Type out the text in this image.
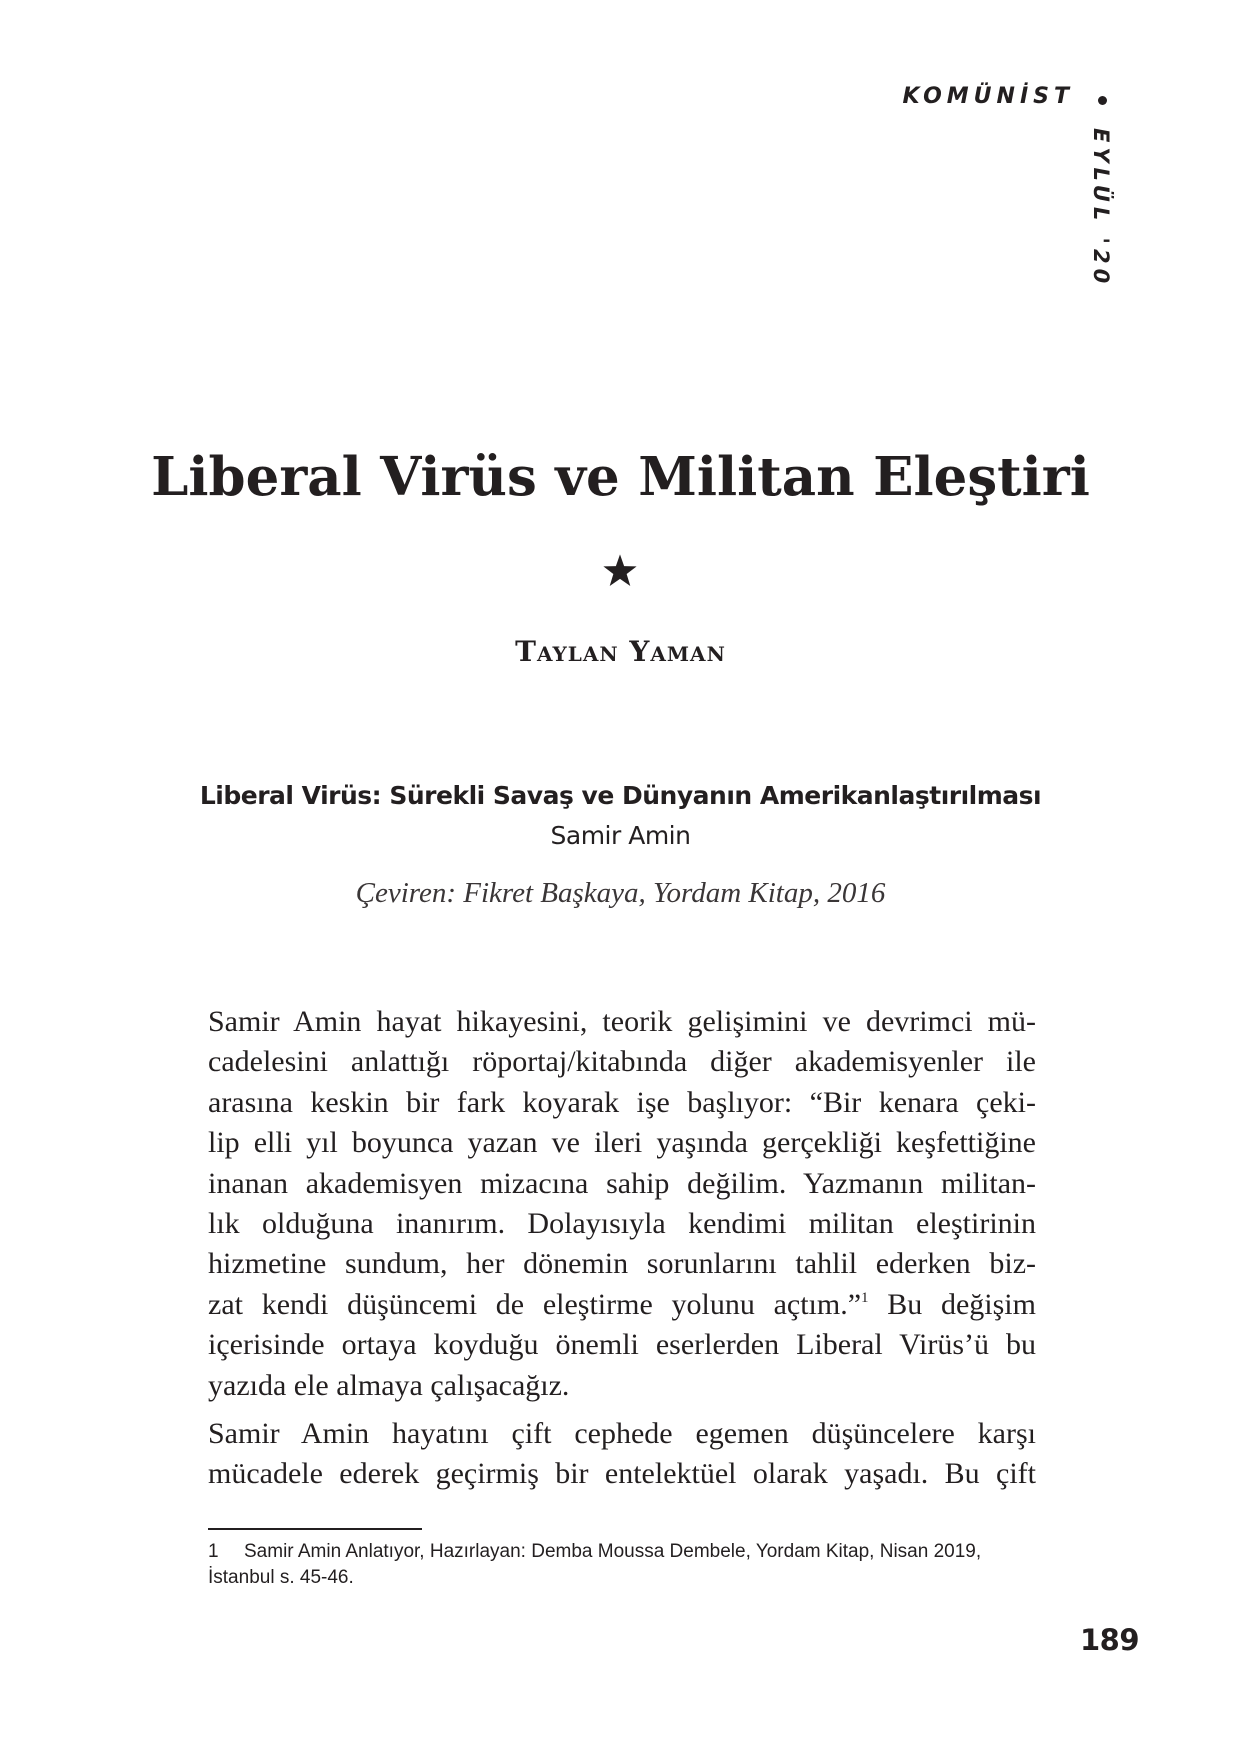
KOMÜNİST
EYLÜL '20
Liberal Virüs ve Militan Eleştiri
Taylan Yaman
Liberal Virüs: Sürekli Savaş ve Dünyanın Amerikanlaştırılması
Samir Amin
Çeviren: Fikret Başkaya, Yordam Kitap, 2016

Samir Amin hayat hikayesini, teorik gelişimini ve devrimci mü-

cadelesini anlattığı röportaj/kitabında diğer akademisyenler ile

arasına keskin bir fark koyarak işe başlıyor: “Bir kenara çeki-

lip elli yıl boyunca yazan ve ileri yaşında gerçekliği keşfettiğine

inanan akademisyen mizacına sahip değilim. Yazmanın militan-

lık olduğuna inanırım. Dolayısıyla kendimi militan eleştirinin

hizmetine sundum, her dönemin sorunlarını tahlil ederken biz-

zat kendi düşüncemi de eleştirme yolunu açtım.”$^1$ Bu değişim

içerisinde ortaya koyduğu önemli eserlerden Liberal Virüs’ü bu

yazıda ele almaya çalışacağız.

Samir Amin hayatını çift cephede egemen düşüncelere karşı

mücadele ederek geçirmiş bir entelektüel olarak yaşadı. Bu çift

1 Samir Amin Anlatıyor, Hazırlayan: Demba Moussa Dembele, Yordam Kitap, Nisan 2019,
İstanbul s. 45-46.
189
